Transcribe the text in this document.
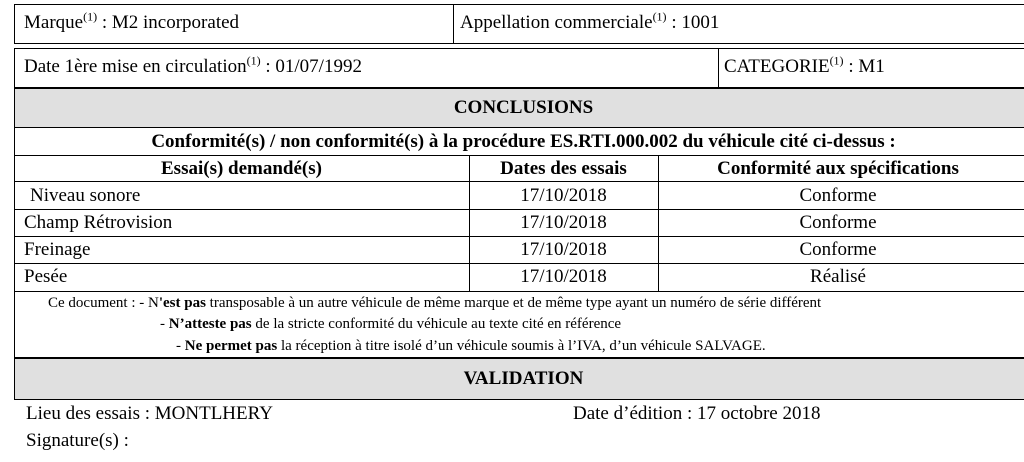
Marque$^{(1)}$ : M2 incorporated	Appellation commerciale$^{(1)}$ : 1001
Date 1ère mise en circulation$^{(1)}$ : 01/07/1992	CATEGORIE$^{(1)}$ : M1
CONCLUSIONS
Conformité(s) / non conformité(s) à la procédure ES.RTI.000.002 du véhicule cité ci-dessus :
Essai(s) demandé(s)	Dates des essais	Conformité aux spécifications
Niveau sonore	17/10/2018	Conforme
Champ Rétrovision	17/10/2018	Conforme
Freinage	17/10/2018	Conforme
Pesée	17/10/2018	Réalisé
Ce document : - N'est pas transposable à un autre véhicule de même marque et de même type ayant un numéro de série différent
- N’atteste pas de la stricte conformité du véhicule au texte cité en référence
- Ne permet pas la réception à titre isolé d’un véhicule soumis à l’IVA, d’un véhicule SALVAGE.
VALIDATION
Lieu des essais : MONTLHERY	Date d’édition : 17 octobre 2018
Signature(s) :
